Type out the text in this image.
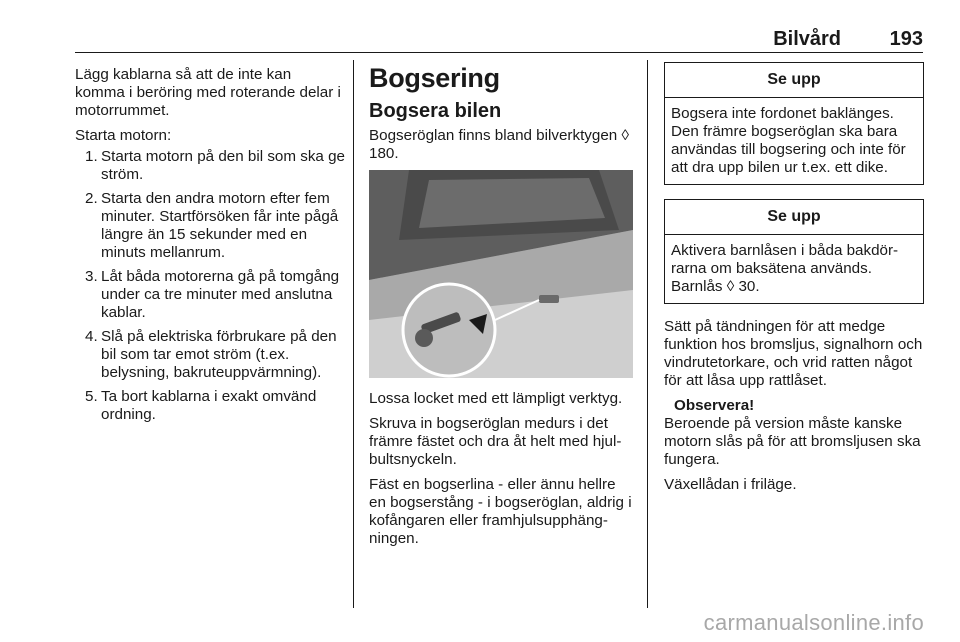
Bilvård 193

Lägg kablarna så att de inte kan komma i beröring med roterande delar i motorrummet.

Starta motorn:

1. Starta motorn på den bil som ska ge ström.
2. Starta den andra motorn efter fem minuter. Startförsöken får inte pågå längre än 15 sekunder med en minuts mellanrum.
3. Låt båda motorerna gå på tomgång under ca tre minuter med anslutna kablar.
4. Slå på elektriska förbrukare på den bil som tar emot ström (t.ex. belysning, bakruteuppvärmning).
5. Ta bort kablarna i exakt omvänd ordning.
Bogsering
Bogsera bilen

Bogseröglan finns bland bilverktygen ◊ 180.

Lossa locket med ett lämpligt verktyg.

Skruva in bogseröglan medurs i det främre fästet och dra åt helt med hjul-bultsnyckeln.

Fäst en bogserlina - eller ännu hellre en bogserstång - i bogseröglan, aldrig i kofångaren eller framhjulsupphäng-ningen.

Se upp
Bogsera inte fordonet baklänges. Den främre bogseröglan ska bara användas till bogsering och inte för att dra upp bilen ur t.ex. ett dike.
Se upp
Aktivera barnlåsen i båda bakdör-rarna om baksätena används. Barnlås ◊ 30.

Sätt på tändningen för att medge funktion hos bromsljus, signalhorn och vindrutetorkare, och vrid ratten något för att låsa upp rattlåset.

Observera!

Beroende på version måste kanske motorn slås på för att bromsljusen ska fungera.

Växellådan i friläge.

carmanualsonline.info
